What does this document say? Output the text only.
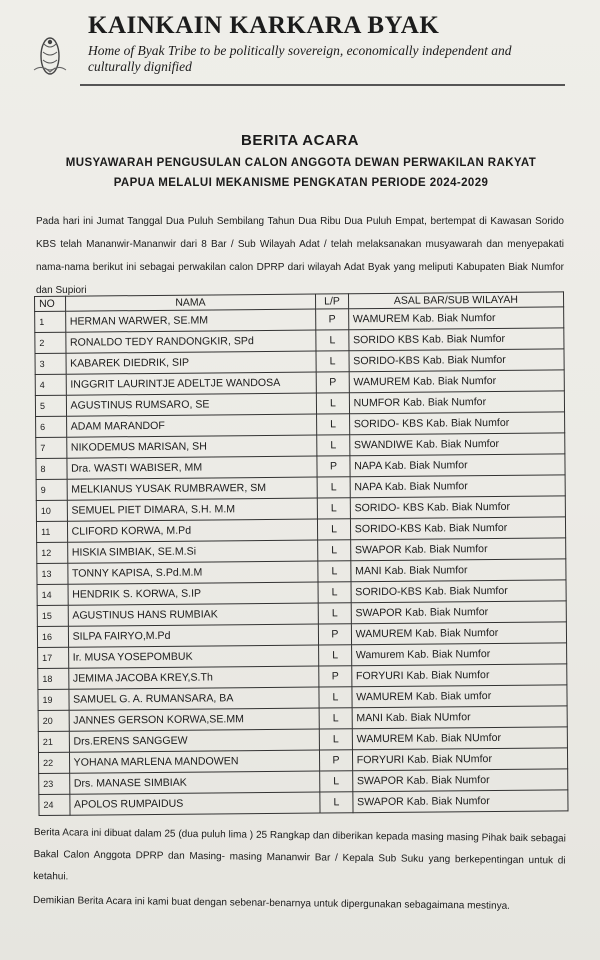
KAINKAIN KARKARA BYAK
Home of Byak Tribe to be politically sovereign, economically independent and culturally dignified
BERITA ACARA
MUSYAWARAH PENGUSULAN CALON ANGGOTA DEWAN PERWAKILAN RAKYAT
PAPUA MELALUI MEKANISME PENGKATAN PERIODE 2024-2029
Pada hari ini Jumat Tanggal Dua Puluh Sembilang Tahun Dua Ribu Dua Puluh Empat, bertempat di Kawasan Sorido KBS telah Mananwir-Mananwir dari 8 Bar / Sub Wilayah Adat / telah melaksanakan musyawarah dan menyepakati nama-nama berikut ini sebagai perwakilan calon DPRP dari wilayah Adat Byak yang meliputi Kabupaten Biak Numfor dan Supiori
NO	NAMA	L/P	ASAL BAR/SUB WILAYAH
1	HERMAN WARWER, SE.MM	P	WAMUREM Kab. Biak Numfor
2	RONALDO TEDY RANDONGKIR, SPd	L	SORIDO KBS Kab. Biak Numfor
3	KABAREK DIEDRIK, SIP	L	SORIDO-KBS Kab. Biak Numfor
4	INGGRIT LAURINTJE ADELTJE WANDOSA	P	WAMUREM Kab. Biak Numfor
5	AGUSTINUS RUMSARO, SE	L	NUMFOR Kab. Biak Numfor
6	ADAM MARANDOF	L	SORIDO- KBS Kab. Biak Numfor
7	NIKODEMUS MARISAN, SH	L	SWANDIWE Kab. Biak Numfor
8	Dra. WASTI WABISER, MM	P	NAPA Kab. Biak Numfor
9	MELKIANUS YUSAK RUMBRAWER, SM	L	NAPA Kab. Biak Numfor
10	SEMUEL PIET DIMARA, S.H. M.M	L	SORIDO- KBS Kab. Biak Numfor
11	CLIFORD KORWA, M.Pd	L	SORIDO-KBS Kab. Biak Numfor
12	HISKIA SIMBIAK, SE.M.Si	L	SWAPOR Kab. Biak Numfor
13	TONNY KAPISA, S.Pd.M.M	L	MANI Kab. Biak Numfor
14	HENDRIK S. KORWA, S.IP	L	SORIDO-KBS Kab. Biak Numfor
15	AGUSTINUS HANS RUMBIAK	L	SWAPOR Kab. Biak Numfor
16	SILPA FAIRYO,M.Pd	P	WAMUREM Kab. Biak Numfor
17	Ir. MUSA YOSEPOMBUK	L	Wamurem Kab. Biak Numfor
18	JEMIMA JACOBA KREY,S.Th	P	FORYURI Kab. Biak Numfor
19	SAMUEL G. A. RUMANSARA, BA	L	WAMUREM Kab. Biak umfor
20	JANNES GERSON KORWA,SE.MM	L	MANI Kab. Biak NUmfor
21	Drs.ERENS SANGGEW	L	WAMUREM Kab. Biak NUmfor
22	YOHANA MARLENA MANDOWEN	P	FORYURI Kab. Biak NUmfor
23	Drs. MANASE SIMBIAK	L	SWAPOR Kab. Biak Numfor
24	APOLOS RUMPAIDUS	L	SWAPOR Kab. Biak Numfor

Berita Acara ini dibuat dalam 25 (dua puluh lima ) 25 Rangkap dan diberikan kepada masing masing Pihak baik sebagai Bakal Calon Anggota DPRP dan Masing- masing Mananwir Bar / Kepala Sub Suku yang berkepentingan untuk di ketahui.

Demikian Berita Acara ini kami buat dengan sebenar-benarnya untuk dipergunakan sebagaimana mestinya.
